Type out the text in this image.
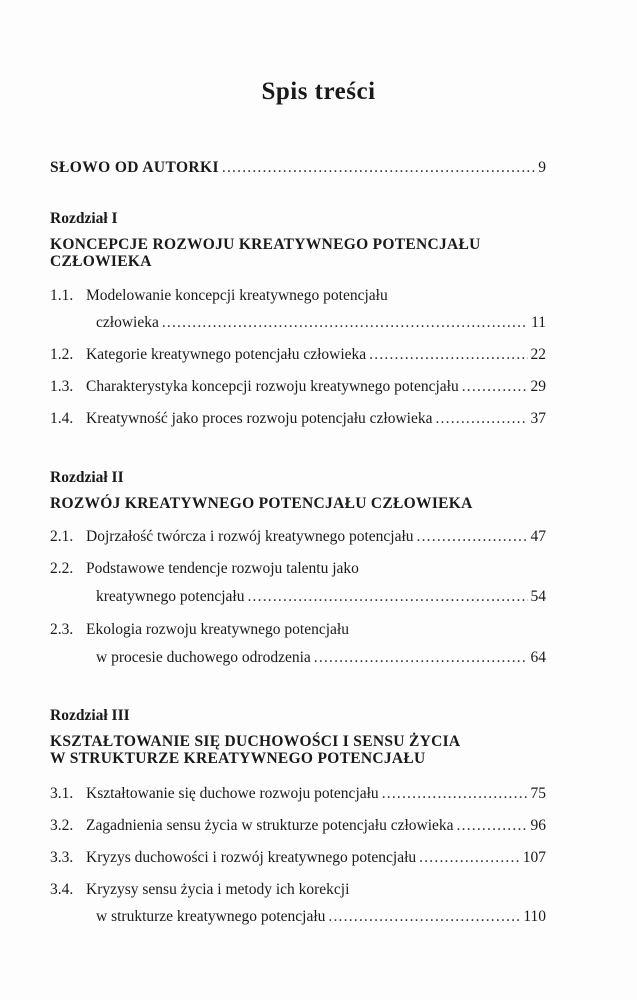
Spis treści
SŁOWO OD AUTORKI .....	9
Rozdział I
KONCEPCJE ROZWOJU KREATYWNEGO POTENCJAŁU
CZŁOWIEKA
1.1. Modelowanie koncepcji kreatywnego potencjału
człowieka .....	11
1.2. Kategorie kreatywnego potencjału człowieka .....	22
1.3. Charakterystyka koncepcji rozwoju kreatywnego potencjału .....	29
1.4. Kreatywność jako proces rozwoju potencjału człowieka .....	37
Rozdział II
ROZWÓJ KREATYWNEGO POTENCJAŁU CZŁOWIEKA
2.1. Dojrzałość twórcza i rozwój kreatywnego potencjału .....	47
2.2. Podstawowe tendencje rozwoju talentu jako
kreatywnego potencjału .....	54
2.3. Ekologia rozwoju kreatywnego potencjału
w procesie duchowego odrodzenia .....	64
Rozdział III
KSZTAŁTOWANIE SIĘ DUCHOWOŚCI I SENSU ŻYCIA
W STRUKTURZE KREATYWNEGO POTENCJAŁU
3.1. Kształtowanie się duchowe rozwoju potencjału .....	75
3.2. Zagadnienia sensu życia w strukturze potencjału człowieka .....	96
3.3. Kryzys duchowości i rozwój kreatywnego potencjału .....	107
3.4. Kryzysy sensu życia i metody ich korekcji
w strukturze kreatywnego potencjału .....	110
